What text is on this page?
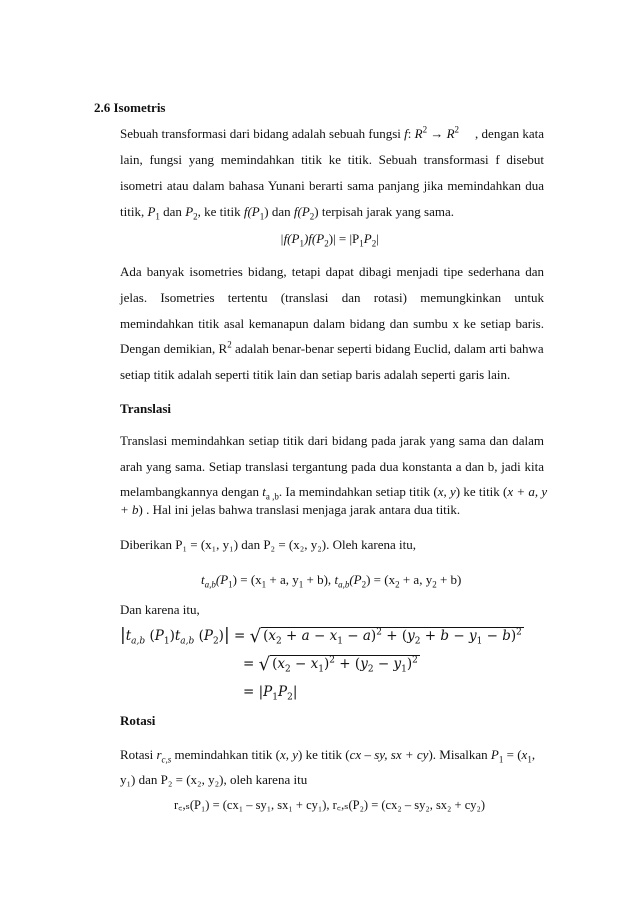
2.6 Isometris
Sebuah transformasi dari bidang adalah sebuah fungsi f: $R^2 \to R^2$ , dengan kata
lain, fungsi yang memindahkan titik ke titik. Sebuah transformasi f disebut
isometri atau dalam bahasa Yunani berarti sama panjang jika memindahkan dua
titik, $P_1$ dan $P_2$, ke titik $f(P_1)$ dan $f(P_2)$ terpisah jarak yang sama.
$|f(P_1)f(P_2)| = |P_1P_2|$
Ada banyak isometries bidang, tetapi dapat dibagi menjadi tipe sederhana dan
jelas. Isometries tertentu (translasi dan rotasi) memungkinkan untuk
memindahkan titik asal kemanapun dalam bidang dan sumbu x ke setiap baris.
Dengan demikian, $R^2$ adalah benar-benar seperti bidang Euclid, dalam arti bahwa
setiap titik adalah seperti titik lain dan setiap baris adalah seperti garis lain.
Translasi
Translasi memindahkan setiap titik dari bidang pada jarak yang sama dan dalam
arah yang sama. Setiap translasi tergantung pada dua konstanta a dan b, jadi kita
melambangkannya dengan $t_{a ,b}$. Ia memindahkan setiap titik (x, y) ke titik (x + a, y
+ b) . Hal ini jelas bahwa translasi menjaga jarak antara dua titik.
Diberikan P₁ = (x₁, y₁) dan P₂ = (x₂, y₂). Oleh karena itu,
$t_{a,b}(P_1) = (x_1 + a$, $y_1 + b$), $t_{a,b}(P_2) = (x_2 + a$, $y_2 + b$)
Dan karena itu,
$|t_{a,b}$ $(P_1)t_{a,b}$ $(P_2)|$ = √ $(x_2 + a - x_1 - a)^2 + (y_2 + b - y_1 - b)^2$
= √ $(x_2 - x_1)^2 + (y_2 - y_1)^2$
= $|P_1P_2|$
Rotasi
Rotasi $r_{c,s}$ memindahkan titik (x, y) ke titik (cx – sy, sx + cy). Misalkan $P_1 = (x_1$,
y₁) dan P₂ = (x₂, y₂), oleh karena itu
r꜀,ₛ(P₁) = (cx₁ – sy₁, sx₁ + cy₁), r꜀,ₛ(P₂) = (cx₂ – sy₂, sx₂ + cy₂)
